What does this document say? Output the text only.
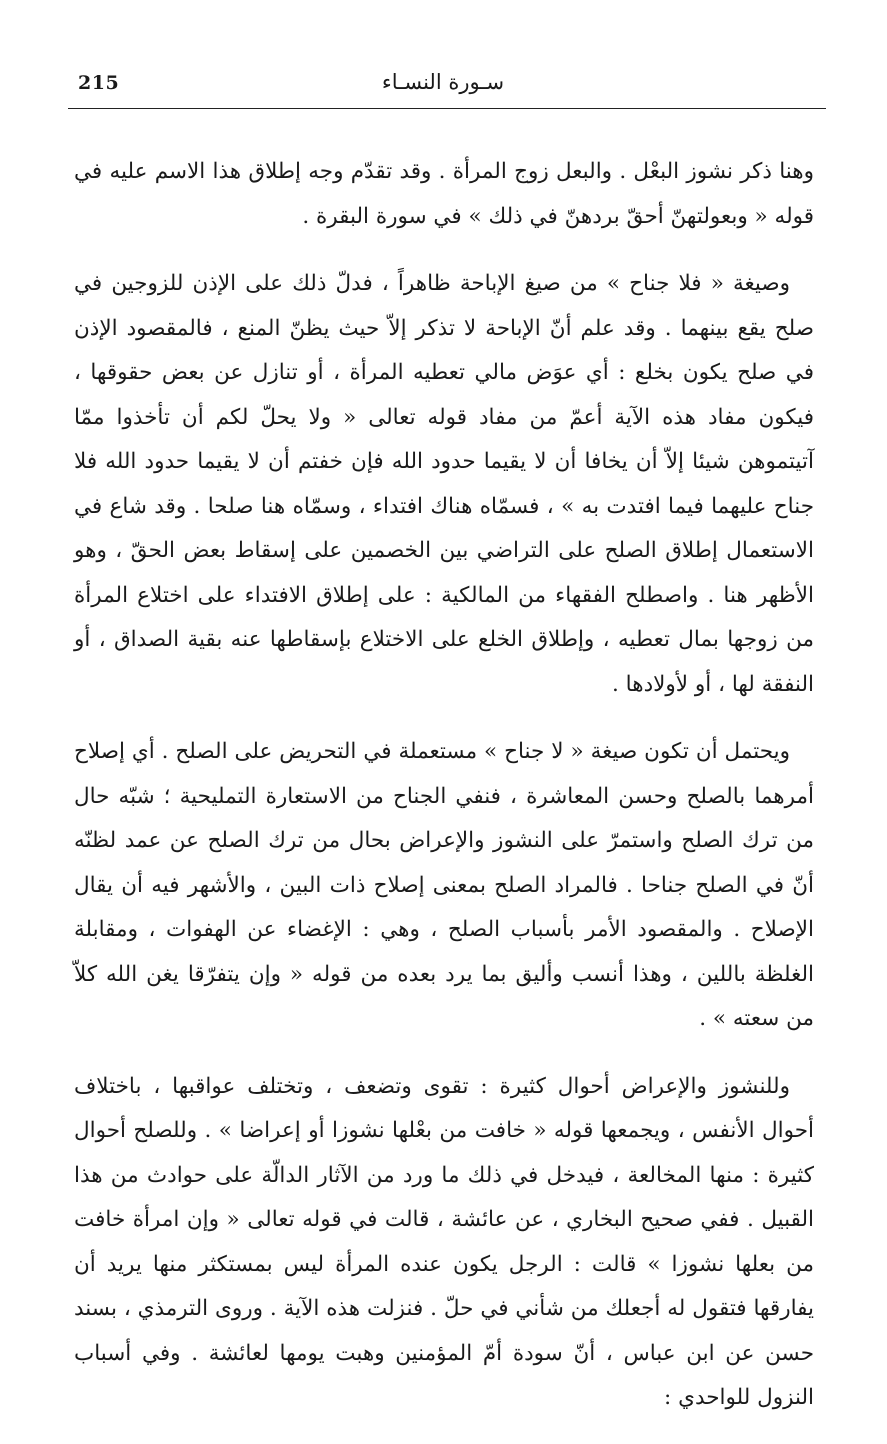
215	سـورة النسـاء

وهنا ذكر نشوز البعْل . والبعل زوج المرأة . وقد تقدّم وجه إطلاق هذا الاسم عليه في قوله « وبعولتهنّ أحقّ بردهنّ في ذلك » في سورة البقرة .

وصيغة « فلا جناح » من صيغ الإباحة ظاهراً ، فدلّ ذلك على الإذن للزوجين في صلح يقع بينهما . وقد علم أنّ الإباحة لا تذكر إلاّ حيث يظنّ المنع ، فالمقصود الإذن في صلح يكون بخلع : أي عوَض مالي تعطيه المرأة ، أو تنازل عن بعض حقوقها ، فيكون مفاد هذه الآية أعمّ من مفاد قوله تعالى « ولا يحلّ لكم أن تأخذوا ممّا آتيتموهن شيئا إلاّ أن يخافا أن لا يقيما حدود الله فإن خفتم أن لا يقيما حدود الله فلا جناح عليهما فيما افتدت به » ، فسمّاه هناك افتداء ، وسمّاه هنا صلحا . وقد شاع في الاستعمال إطلاق الصلح على التراضي بين الخصمين على إسقاط بعض الحقّ ، وهو الأظهر هنا . واصطلح الفقهاء من المالكية : على إطلاق الافتداء على اختلاع المرأة من زوجها بمال تعطيه ، وإطلاق الخلع على الاختلاع بإسقاطها عنه بقية الصداق ، أو النفقة لها ، أو لأولادها .

ويحتمل أن تكون صيغة « لا جناح » مستعملة في التحريض على الصلح . أي إصلاح أمرهما بالصلح وحسن المعاشرة ، فنفي الجناح من الاستعارة التمليحية ؛ شبّه حال من ترك الصلح واستمرّ على النشوز والإعراض بحال من ترك الصلح عن عمد لظنّه أنّ في الصلح جناحا . فالمراد الصلح بمعنى إصلاح ذات البين ، والأشهر فيه أن يقال الإصلاح . والمقصود الأمر بأسباب الصلح ، وهي : الإغضاء عن الهفوات ، ومقابلة الغلظة باللين ، وهذا أنسب وأليق بما يرد بعده من قوله « وإن يتفرّقا يغن الله كلاّ من سعته » .

وللنشوز والإعراض أحوال كثيرة : تقوى وتضعف ، وتختلف عواقبها ، باختلاف أحوال الأنفس ، ويجمعها قوله « خافت من بعْلها نشوزا أو إعراضا » . وللصلح أحوال كثيرة : منها المخالعة ، فيدخل في ذلك ما ورد من الآثار الدالّة على حوادث من هذا القبيل . ففي صحيح البخاري ، عن عائشة ، قالت في قوله تعالى « وإن امرأة خافت من بعلها نشوزا » قالت : الرجل يكون عنده المرأة ليس بمستكثر منها يريد أن يفارقها فتقول له أجعلك من شأني في حلّ . فنزلت هذه الآية . وروى الترمذي ، بسند حسن عن ابن عباس ، أنّ سودة أمّ المؤمنين وهبت يومها لعائشة . وفي أسباب النزول للواحدي :
